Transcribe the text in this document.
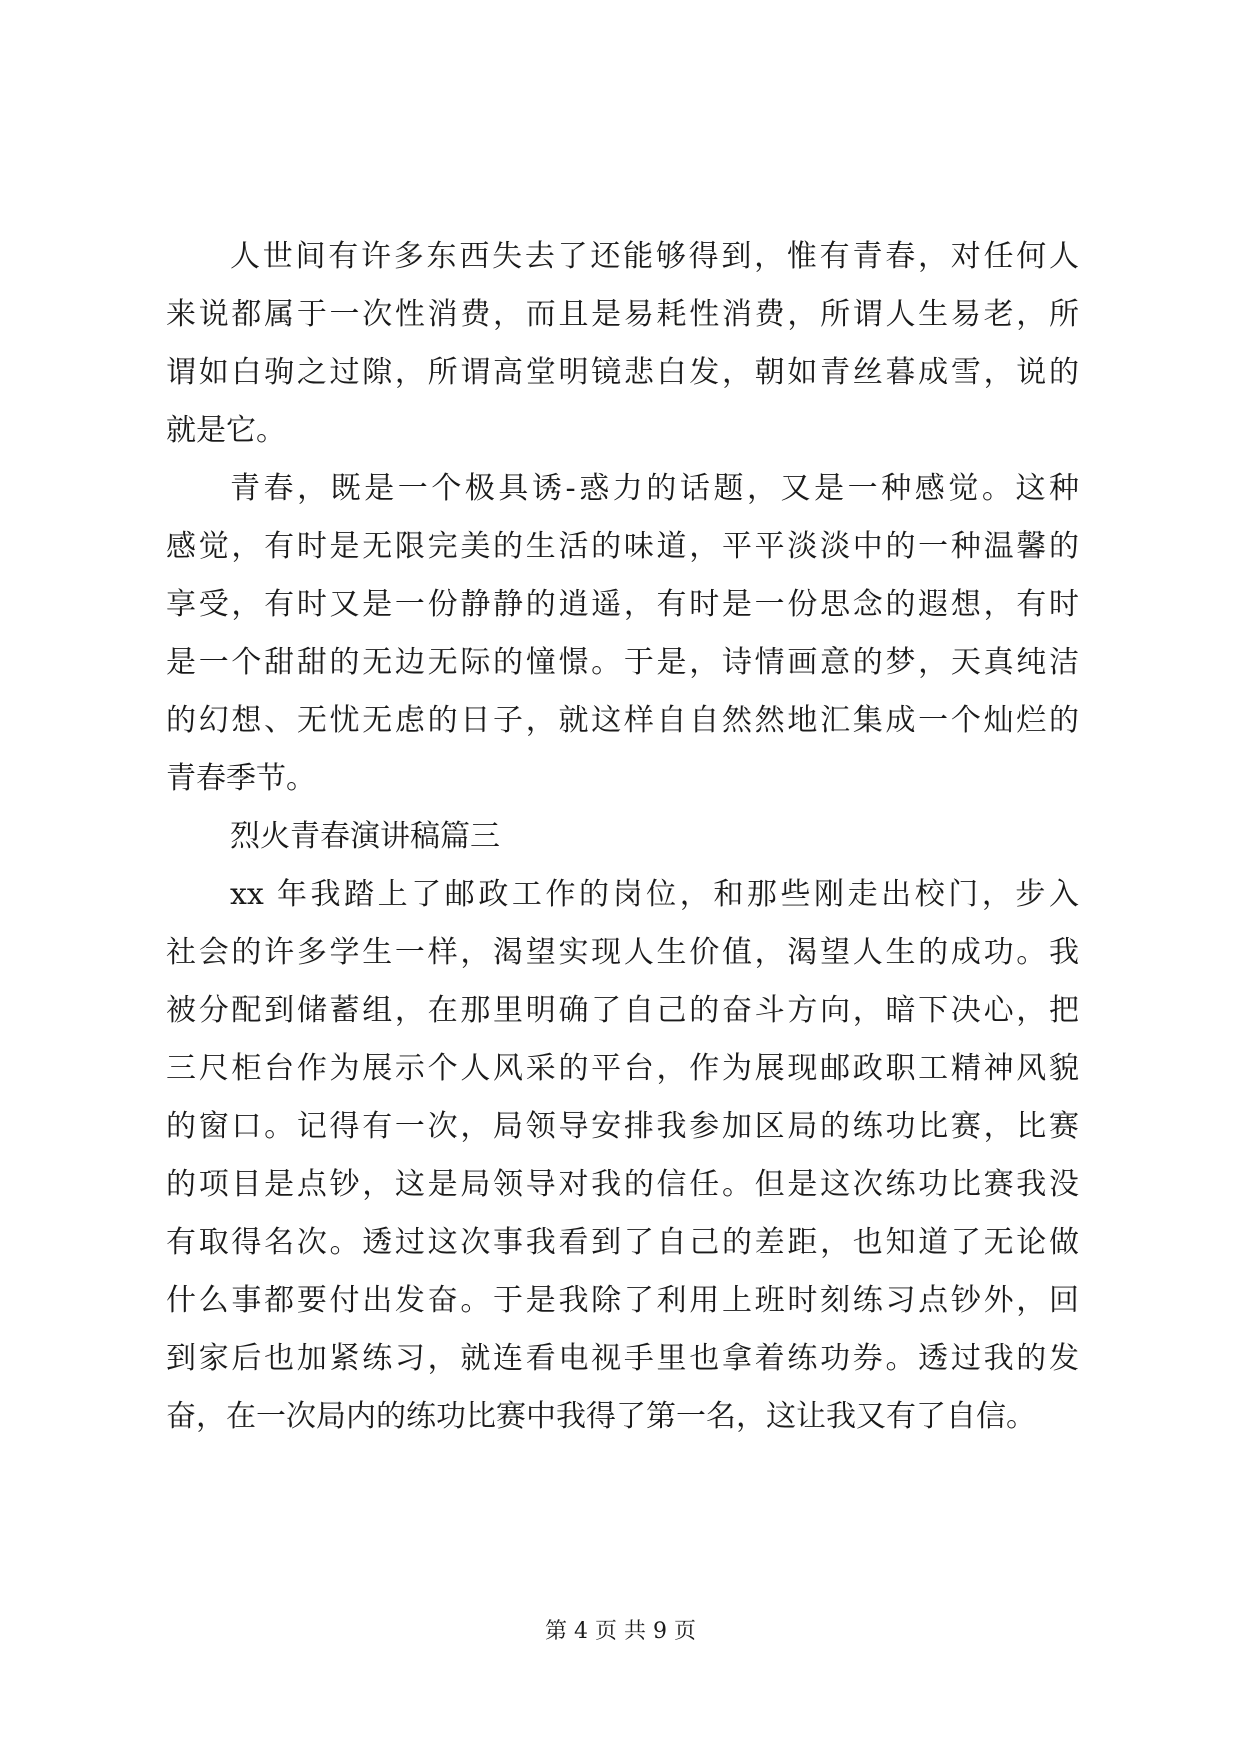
人世间有许多东西失去了还能够得到，惟有青春，对任何人
来说都属于一次性消费，而且是易耗性消费，所谓人生易老，所
谓如白驹之过隙，所谓高堂明镜悲白发，朝如青丝暮成雪，说的
就是它。
青春，既是一个极具诱-惑力的话题，又是一种感觉。这种
感觉，有时是无限完美的生活的味道，平平淡淡中的一种温馨的
享受，有时又是一份静静的逍遥，有时是一份思念的遐想，有时
是一个甜甜的无边无际的憧憬。于是，诗情画意的梦，天真纯洁
的幻想、无忧无虑的日子，就这样自自然然地汇集成一个灿烂的
青春季节。
烈火青春演讲稿篇三
xx 年我踏上了邮政工作的岗位，和那些刚走出校门，步入
社会的许多学生一样，渴望实现人生价值，渴望人生的成功。我
被分配到储蓄组，在那里明确了自己的奋斗方向，暗下决心，把
三尺柜台作为展示个人风采的平台，作为展现邮政职工精神风貌
的窗口。记得有一次，局领导安排我参加区局的练功比赛，比赛
的项目是点钞，这是局领导对我的信任。但是这次练功比赛我没
有取得名次。透过这次事我看到了自己的差距，也知道了无论做
什么事都要付出发奋。于是我除了利用上班时刻练习点钞外，回
到家后也加紧练习，就连看电视手里也拿着练功券。透过我的发
奋，在一次局内的练功比赛中我得了第一名，这让我又有了自信。
第 4 页 共 9 页
